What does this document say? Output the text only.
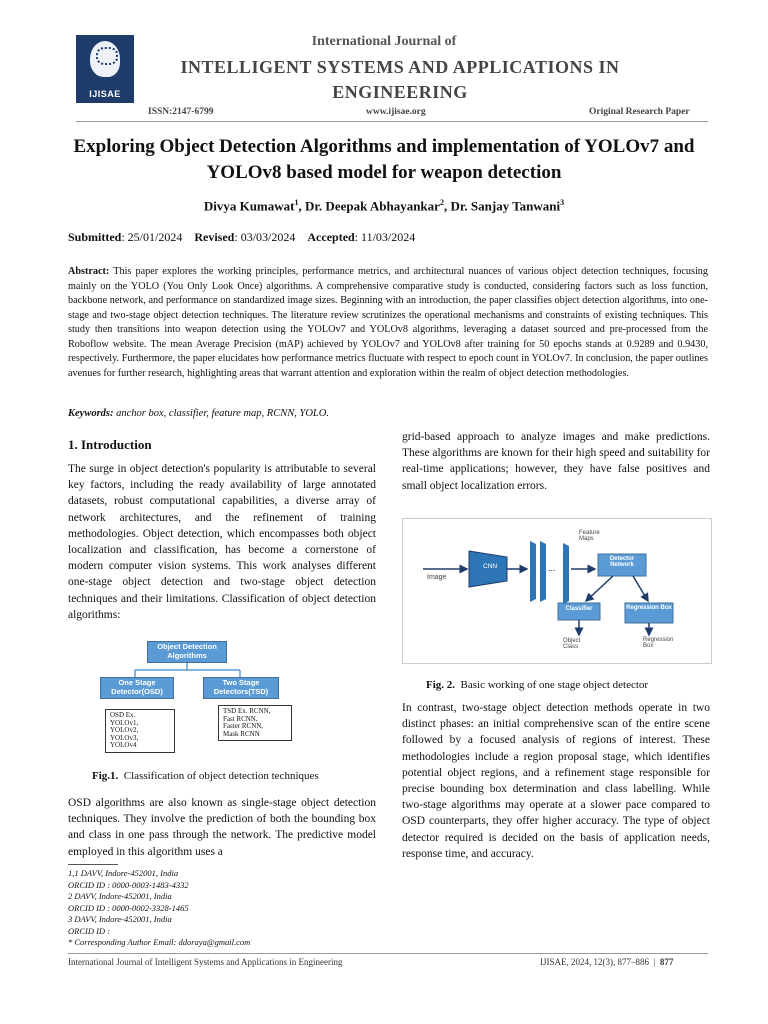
IJISAE
International Journal of
INTELLIGENT SYSTEMS AND APPLICATIONS IN ENGINEERING
ISSN:2147-6799	www.ijisae.org	Original Research Paper
Exploring Object Detection Algorithms and implementation of YOLOv7 and YOLOv8 based model for weapon detection
Divya Kumawat$^1$, Dr. Deepak Abhayankar$^2$, Dr. Sanjay Tanwani$^3$
Submitted: 25/01/2024 Revised: 03/03/2024 Accepted: 11/03/2024
Abstract: This paper explores the working principles, performance metrics, and architectural nuances of various object detection techniques, focusing mainly on the YOLO (You Only Look Once) algorithms. A comprehensive comparative study is conducted, considering factors such as loss function, backbone network, and performance on standardized image sizes. Beginning with an introduction, the paper classifies object detection algorithms, into one-stage and two-stage object detection techniques. The literature review scrutinizes the operational mechanisms and constraints of existing techniques. This study then transitions into weapon detection using the YOLOv7 and YOLOv8 algorithms, leveraging a dataset sourced and pre-processed from the Roboflow website. The mean Average Precision (mAP) achieved by YOLOv7 and YOLOv8 after training for 50 epochs stands at 0.9289 and 0.9430, respectively. Furthermore, the paper elucidates how performance metrics fluctuate with respect to epoch count in YOLOv7. In conclusion, the paper outlines avenues for further research, highlighting areas that warrant attention and exploration within the realm of object detection methodologies.
Keywords: anchor box, classifier, feature map, RCNN, YOLO.
1. Introduction
The surge in object detection's popularity is attributable to several key factors, including the ready availability of large annotated datasets, robust computational capabilities, a diverse array of network architectures, and the refinement of training methodologies. Object detection, which encompasses both object localization and classification, has become a cornerstone of modern computer vision systems. This work analyses different one-stage object detection and two-stage object detection techniques and their limitations. Classification of object detection algorithms:
Object Detection Algorithms
One Stage Detector(OSD)
Two Stage Detectors(TSD)
OSD Ex.
YOLOv1,
YOLOv2,
YOLOv3,
YOLOv4
TSD Ex. RCNN,
Fast RCNN,
Faster RCNN,
Mask RCNN
Fig.1. Classification of object detection techniques
OSD algorithms are also known as single-stage object detection techniques. They involve the prediction of both the bounding box and class in one pass through the network. The predictive model employed in this algorithm uses a
1,1 DAVV, Indore-452001, India
ORCID ID : 0000-0003-1483-4332
2 DAVV, Indore-452001, India
ORCID ID : 0000-0002-3328-1465
3 DAVV, Indore-452001, India
ORCID ID :
* Corresponding Author Email: ddoraya@gmail.com
grid-based approach to analyze images and make predictions. These algorithms are known for their high speed and suitability for real-time applications; however, they have false positives and small object localization errors.
Feature Maps
Image
CNN	...
Detector Network
Classifier	Regression Box
Object Class
Regression Box
Fig. 2. Basic working of one stage object detector
In contrast, two-stage object detection methods operate in two distinct phases: an initial comprehensive scan of the entire scene followed by a focused analysis of regions of interest. These methodologies include a region proposal stage, which identifies potential object regions, and a refinement stage responsible for precise bounding box determination and class labelling. While two-stage algorithms may operate at a slower pace compared to OSD counterparts, they offer higher accuracy. The type of object detector required is decided on the basis of application needs, response time, and accuracy.
International Journal of Intelligent Systems and Applications in Engineering	IJISAE, 2024, 12(3), 877–886  |  877
